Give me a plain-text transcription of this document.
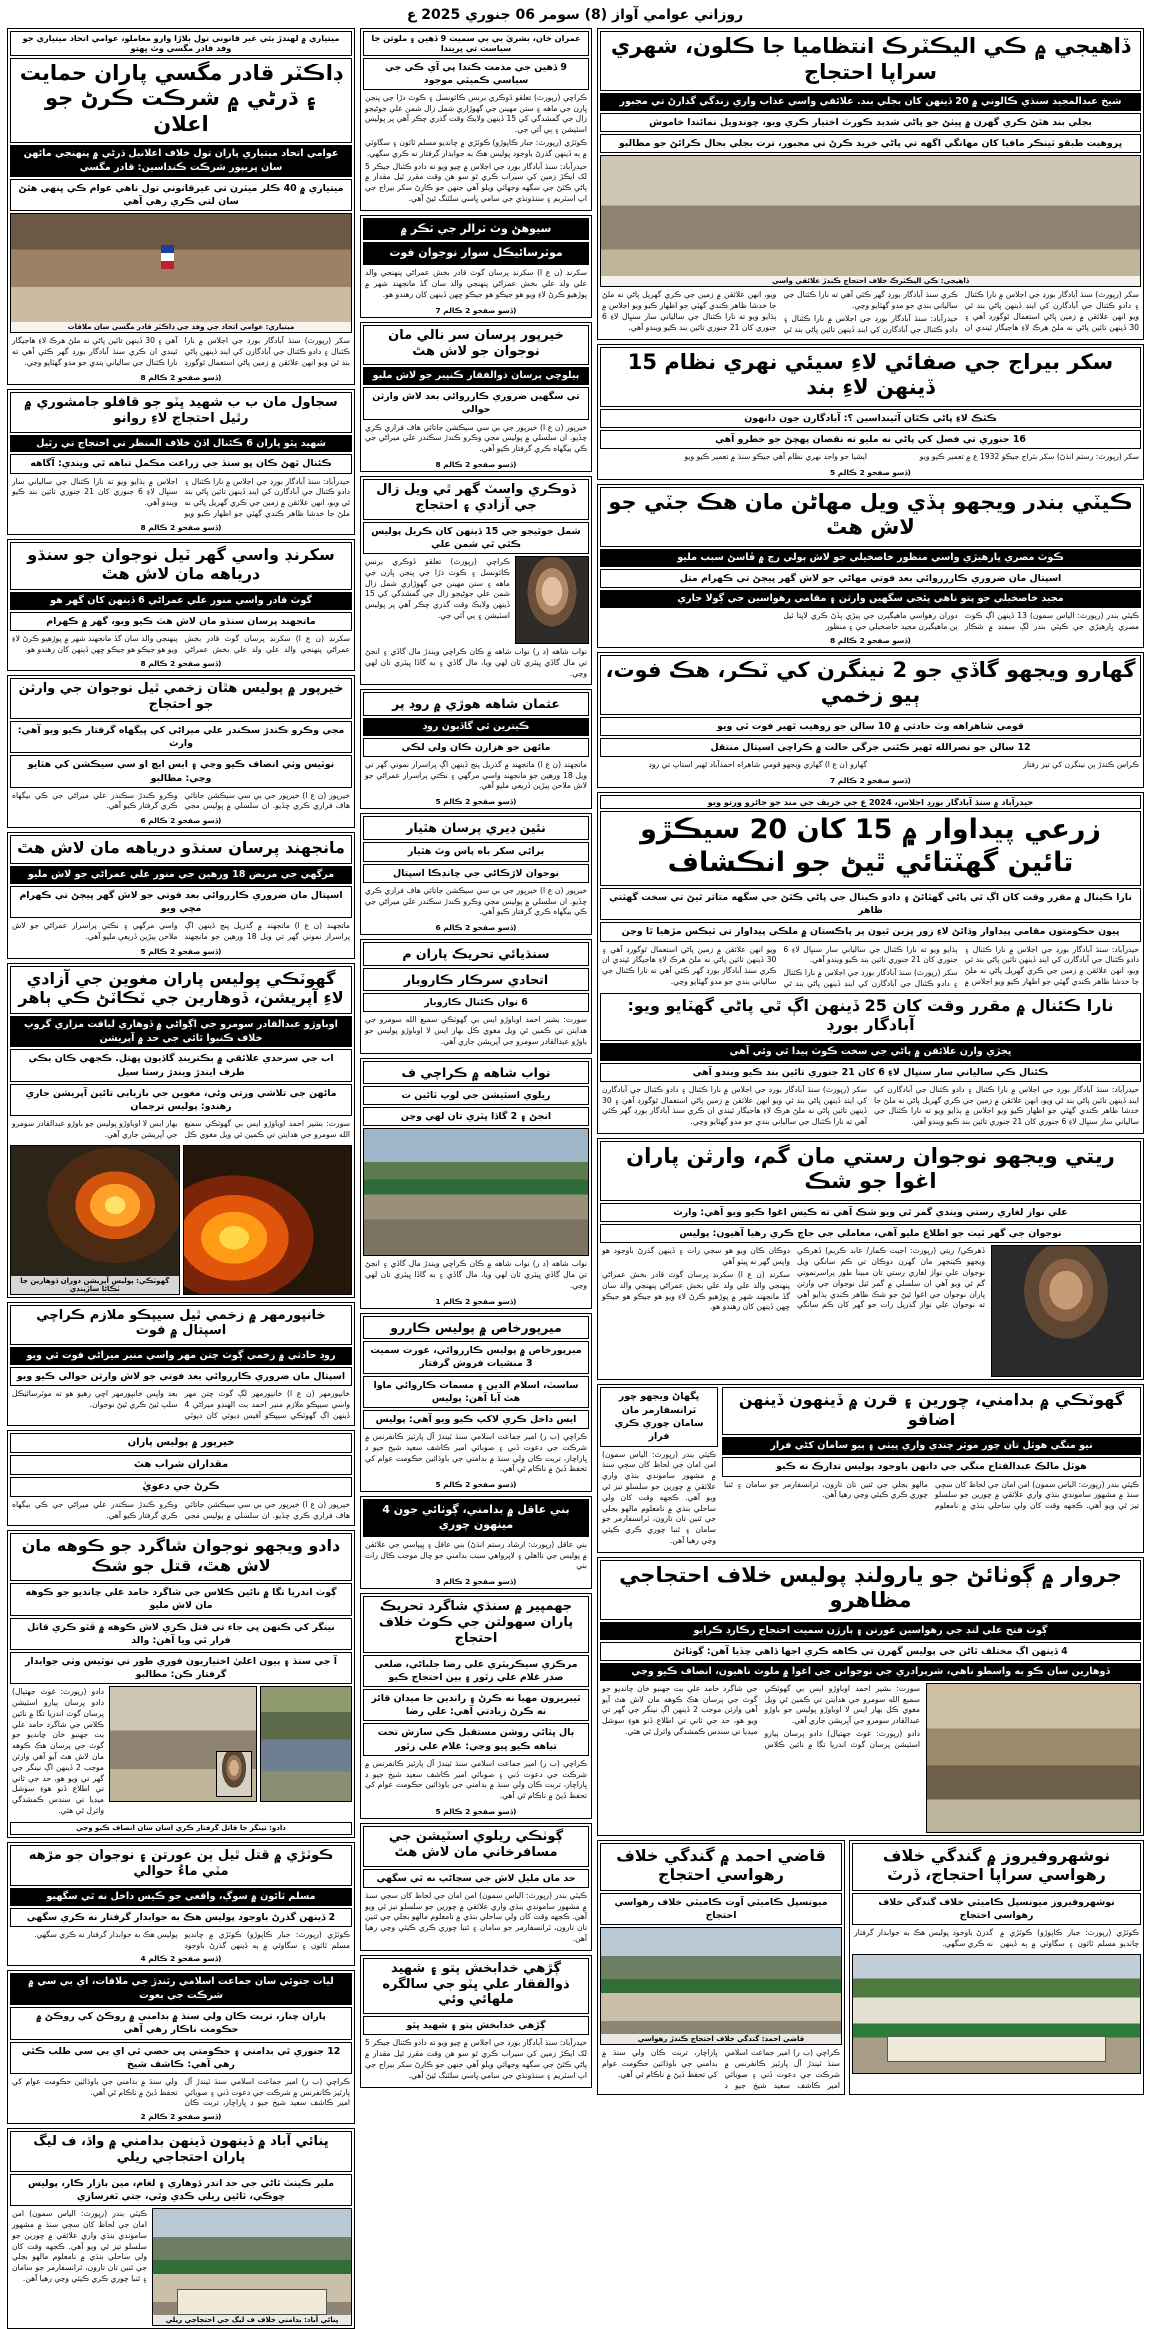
روزاني عوامي آواز (8) سومر 06 جنوري 2025 ع
ڏاهيجي ۾ ڪي اليڪٽرڪ انتظاميا جا ڪلون، شهري سراپا احتجاج
شيخ عبدالمجيد سنڌي ڪالوني ۾ 20 ڏينهن کان بجلي بند. علائقي واسي عذاب واري زندگي گذارڻ تي مجبور
بجلي بند هٿڻ ڪري گهرن ۾ ڀيٺڻ جو پاڻي شديد ڪورٽ اختيار ڪري ويو، چوندويل نمائندا خاموش
ڀروهيت طبقو ٽينڪر مافيا کان مهانگي اگهه تي پاڻي خريد ڪرڻ تي مجبور، ترت بجلي بحال ڪرائڻ جو مطالبو
ڏاهيجي: ڪي اليڪٽرڪ خلاف احتجاج ڪندڙ علائقي واسي

سکر (رپورٽ) سنڌ آبادگار بورڊ جي اجلاس ۾ نارا ڪئنال ۽ دادو ڪئنال جي آبادگارن کي اينڊ ڏينهن پاڻي بند ٿي ويو انهن علائقن ۾ زمين پاڻي استعمال ٿوگورڊ آهي ۽ 30 ڏينهن تائين پاڻي نه ملڻ هرڪ لاءِ هاجيگار ٿيندي ان ڪري سنڌ آبادگار بورڊ گهر ڪئي آهي ته نارا ڪئنال جي سالياني بندي جو مدو گهٽايو وڃي.

حيدرآباد: سنڌ آبادگار بورڊ جي اجلاس ۾ نارا ڪئنال ۽ دادو ڪئنال جي آبادگارن کي اينڊ ڏينهن تائين پاڻي بند ٿي ويو، انهن علائقن ۾ زمين جي ڪري گهريل پاڻي نه ملڻ جا خدشا ظاهر ڪندي گهٽي جو اظهار ڪيو ويو اجلاس ۾ ٻڌايو ويو ته نارا ڪئنال جي سالياني سار سنڀال لاءِ 6 جنوري کان 21 جنوري تائين بند ڪيو ويندو آهي.

سکر بيراج جي صفائي لاءِ سيئي نهري نظام 15 ڏينهن لاءِ بند
ڪٿڪ لاءِ پاڻي ڪٿان آٿينداسين ؟: آبادگارن جون دانهون
16 جنوري تي فصل کي پاڻي نه مليو ته نقصان پهچڻ جو خطرو آهي

سکر (رپورٽ: رستم انڌڻ) سکر بئراج جيڪو 1932 ع ۾ تعمير ڪيو ويو

ايشيا جو واحد نهري نظام آهي جيڪو سنڌ ۾ تعمير ڪيو ويو

(ڏسو صفحو 2 ڪالم 5
ڪيٽي بندر ويجهو ٻڏي ويل مهاڻن مان هڪ جٽي جو لاش هٿ
ڪوٽ مصري ڀارهيڙي واسي منظور خاصخيلي جو لاش ٻولي رچ ۾ ڦاسڻ سبب مليو
اسپتال مان ضروري ڪاررروائي بعد فوتي مهاڻي جو لاش گهر ڀيڄڻ تي ڪهرام متل
مجيد خاصخيلي جو پتو ناهي ڀئجي سگهيں وارثن ۽ مقامي رهواسين جي ڳولا جاري

ڪيٽي بندر (رپورٽ: الياس سمون) 13 ڏينهن اڳ ڪوٽ مصري ڀارهيڙي جي ڪيٽي بندر لڳ سمنڊ ۾ شڪار دوران رهواسي ماهيگيرن جي ٻيڙي ٻڏڻ ڪري لاپتا ٿيل ٻن ماهيگيرن مجيد خاصخيلي جي ۽ منظور

(ڏسو صفحو 2 ڪالم 8
گهارو ويجهو گاڏي جو 2 نينگرن کي ٽڪر، هڪ فوت، ٻيو زخمي
قومي شاهراهه وٽ حادثي ۾ 10 سالن جو زوهيب ٿهير فوت ٿي ويو
12 سالن جو نصرالله ٿهير ڪٿني جرگي حالت ۾ ڪراچي اسپتال منتقل

ڪراس ڪندڙ ٻن نينگرن کي تيز رفتار

گهارو (ن ع ا) گهاري ويجهو قومي شاهراه احمدآباد ٿهير استاپ تي روڊ

(ڏسو صفحو 2 ڪالم 7
حيدرآباد ۾ سنڌ آبادگار بورڊ اجلاس، 2024 ع جي خريف جي مند جو جائزو ورتو ويو
زرعي پيداوار ۾ 15 کان 20 سيڪڙو تائين گهٽتائي ٿيڻ جو انڪشاف
نارا ڪينال ۾ مقرر وقت کان اڳ ٿي پاڻي گهٽائڻ ۽ دادو ڪينال جي پاڻي ڪٿڻ جي سگهه متاثر ٿيڻ تي سخت گهٽتي ظاهر
ڀيون حڪومتون مقامي پيداوار وڌائڻ لاءِ زور ڀرين ٿيون پر پاڪستان ۾ ملڪي پيداوار تي ٽيڪس مڙهيا ٿا وڃن

حيدرآباد: سنڌ آبادگار بورڊ جي اجلاس ۾ نارا ڪئنال ۽ دادو ڪئنال جي آبادگارن کي اينڊ ڏينهن تائين پاڻي بند ٿي ويو، انهن علائقن ۾ زمين جي ڪري گهريل پاڻي نه ملڻ جا خدشا ظاهر ڪندي گهٽي جو اظهار ڪيو ويو اجلاس ۾ ٻڌايو ويو ته نارا ڪئنال جي سالياني سار سنڀال لاءِ 6 جنوري کان 21 جنوري تائين بند ڪيو ويندو آهي.

سکر (رپورٽ) سنڌ آبادگار بورڊ جي اجلاس ۾ نارا ڪئنال ۽ دادو ڪئنال جي آبادگارن کي اينڊ ڏينهن پاڻي بند ٿي ويو انهن علائقن ۾ زمين پاڻي استعمال ٿوگورڊ آهي ۽ 30 ڏينهن تائين پاڻي نه ملڻ هرڪ لاءِ هاجيگار ٿيندي ان ڪري سنڌ آبادگار بورڊ گهر ڪئي آهي ته نارا ڪئنال جي سالياني بندي جو مدو گهٽايو وڃي.

نارا ڪئنال ۾ مقرر وقت کان 25 ڏينهن اڳ ٿي پاڻي گهٽايو ويو: آبادگار بورڊ
ڀجڙي وارن علائقن ۾ پاڻي جي سخت ڪوٽ پيدا ٿي وئي آهي
ڪئنال ڪي سالياني سار سنڀال لاءِ 6 کان 21 جنوري تائين بند ڪيو ويندو آهي

حيدرآباد: سنڌ آبادگار بورڊ جي اجلاس ۾ نارا ڪئنال ۽ دادو ڪئنال جي آبادگارن کي اينڊ ڏينهن تائين پاڻي بند ٿي ويو، انهن علائقن ۾ زمين جي ڪري گهريل پاڻي نه ملڻ جا خدشا ظاهر ڪندي گهٽي جو اظهار ڪيو ويو اجلاس ۾ ٻڌايو ويو ته نارا ڪئنال جي سالياني سار سنڀال لاءِ 6 جنوري کان 21 جنوري تائين بند ڪيو ويندو آهي.

سکر (رپورٽ) سنڌ آبادگار بورڊ جي اجلاس ۾ نارا ڪئنال ۽ دادو ڪئنال جي آبادگارن کي اينڊ ڏينهن پاڻي بند ٿي ويو انهن علائقن ۾ زمين پاڻي استعمال ٿوگورڊ آهي ۽ 30 ڏينهن تائين پاڻي نه ملڻ هرڪ لاءِ هاجيگار ٿيندي ان ڪري سنڌ آبادگار بورڊ گهر ڪئي آهي ته نارا ڪئنال جي سالياني بندي جو مدو گهٽايو وڃي.

ريتي ويجهو نوجوان رستي مان گم، وارثن پاران اغوا جو شڪ
علي نواز لغاري رستي ويندي گمر ٿي ويو شڪ آهي ته ڪيس اغوا ڪيو ويو آهي: وارث
نوجوان جي گهر ٽيٺ جو اطلاع مليو آهي، معاملي جي جاچ ڪري رهيا آهيون: پوليس

ڏهرڪي/ ريتي (رپورٽ: اجيت ڪمار/ عابد ڪريم) ڏهرڪي ويجهو ڪينجهر مان گهرن دوڪان تي ڪم سانگي ويل نوجوان علي نواز لغاري رستي تان مبينا طور پراسرنموني گم ٿي ويو آهي ان سلسلي ۾ گمر ٿيل نوجوان جي وارثن پاران نوجوان جي اغوا ٿيڻ جو شڪ ظاهر ڪندي ٻڌايو آهي ته نوجوان علي نواز گذريل رات جو گهر کان ڪم سانگي دوڪان ڪان ويو هو سجي رات ۽ ڏينهن گذرڻ باوجود هو واپس گهر نه ڀيٺو آهي

سکرنڊ (ن ع ا) سکرنڊ پرسان گوٽ قادر بخش عمراڻي پنهنجي والد علي ولد علي بخش عمراڻي پنهنجي والد سان گڏ مانجهند شهر ۾ پوڙهيو ڪرڻ لاءِ ويو هو جيڪو هو جيڪو ڇهن ڏينهن کان رهندو هو.

گهوٽڪي ۾ بدامني، چورين ۽ قرن ۾ ڏينهون ڏينهن اضافو
نيو منگي هوٽل تان چور موٽر چندي واري ڀيٺي ۽ ٻيو سامان کڻي فرار
هوٽل مالڪ عبدالفتاح منگي جي دانهن باوجود پوليس تدارڪ نه ڪيو

ڪيٽي بندر (رپورٽ: الياس سمون) امن امان جي لحاظ کان سڄي سنڌ ۾ مشهور سامونڊي بنڌي واري علائقي ۾ چورين جو سلسلو تيز ٿي ويو آهي. ڪجهه وقت کان ولي ساحلي بنڌي ۾ نامعلوم مالهو بجلي جي ٿنين تان تارون، ٽرانسفارمر جو سامان ۽ ٿنبا چوري ڪري ڪيئي وڃي رهيا آهن.

ڀگهاڻ ويجهو چور ٽرانسفارمر مان سامان چوري ڪري فرار

ڪيٽي بندر (رپورٽ: الياس سمون) امن امان جي لحاظ کان سڄي سنڌ ۾ مشهور سامونڊي بنڌي واري علائقي ۾ چورين جو سلسلو تيز ٿي ويو آهي. ڪجهه وقت کان ولي ساحلي بنڌي ۾ نامعلوم مالهو بجلي جي ٿنين تان تارون، ٽرانسفارمر جو سامان ۽ ٿنبا چوري ڪري ڪيئي وڃي رهيا آهن.

جروار ۾ ڳوٺائڻ جو يارولنڊ پوليس خلاف احتجاجي مظاهرو
ڳوٺ فتح علي لنڊ جي رهواسين عورتن ۽ ٻارڙن سميت احتجاج رڪارڊ ڪرايو
4 ڏينهن اڳ مختلف ٿاڻن جي پوليس گهرن تي ڪاهه ڪري اجها ڏاهي چڏيا آهن: ڳوٺائڻ
ڏوهارين سان ڪو به واسطو ناهي، شرٻرادري جي نوجوانن جي اغوا ۾ ملوث ناهيون، انصاف ڪيو وڃي

سورت: بشير احمد اوباوڙو ايس بي گهوٽڪي سميع الله سومرو جي هدايتن تي ڪمين ٿي ويل مغوي ڪل بهار ايس لا اوباوڙو پوليس جو باوڙو عبدالقادر سومرو جي آپريشن جاري آهي.

دادو (رپورٽ: غوث جهتيال) دادو پرسان ٻيارو اسٽيشن پرسان گوٽ اندريا تگا ۾ نائين ڪلاس جي شاگرد حامد علي بت جهنبو خان چانديو جو گوٽ جي پرسان هڪ ڪوهه مان لاش هٿ آيو آهي وارثن موجب 2 ڏينهن اڳ نينگر جي گهر تي ويو هو، حد جي ثاني تي اطلاع ڏنو هوءِ سوشل ميڊيا تي سندس ڪمشدگي وائرل ٿي هئي.

نوشهروفيروز ۾ گندگي خلاف رهواسي سراپا احتجاج، ڏرٽ
نوشهروفيروز ميونسپل ڪاميٽي خلاف گندگي خلاف رهواسي احتجاج

ڪوٽڙي (رپورٽ: جبار ڪاپوڙو) ڪوٽڙي ۾ چانديو مسلم ٽائون ۽ سگاوٽي ۾ ٻه ڏينهن گذرڻ باوجود پوليس هڪ به جوابدار گرفتار نه ڪري سگهي.

قاضي احمد ۾ گندگي خلاف رهواسي احتجاج
ميونسپل ڪاميٽي آوت ڪاميٽي خلاف رهواسي احتجاج
قاضي احمد: گندگي خلاف احتجاج ڪندڙ رهواسي

ڪراچي (ب ر) امير جماعت اسلامي سنڌ ٽيندڙ آل پارٽيز ڪانفرنس ۾ شرڪت جي دعوت ڏني ۽ صوبائي امير ڪاشف سعيد شيخ جيو ڊ ڀاراچار، تربت ڪان ولي سنڌ ۾ بدامني جي باوڌائين حڪومت عوام کي تحفظ ڏيڻ ۾ ناڪام ٿي آهي.

عمران خان، بشريٰ بي بي سميت 9 ڏهين ۽ ملوثن جا سياست تي ڀريندا
9 ڏهين جي مذمت ڪندا پي آي ڪي جي سياسي ڪميٽي موجود

ڪراچي (رپورٽ) تعلقو ڏوڪري برنس ڪائونسل ۽ ڪوٽ دڙا جي پنجن ڀارن جي ماهه ۽ ستن مهينن جي گهوڙاري شمل زال شمن علي جوڻيجو زال جي گمشدگي کي 15 ڏينهن ولايڪ وقت گذري چڪر آهي پر پوليس اسٽيشن ۽ ٻي آئي جي.

ڪوٽڙي (رپورٽ: جبار ڪاپوڙو) ڪوٽڙي ۾ چانديو مسلم ٽائون ۽ سگاوٽي ۾ ٻه ڏينهن گذرڻ باوجود پوليس هڪ به جوابدار گرفتار نه ڪري سگهي.

حيدرآباد: سنڌ آبادگار بورڊ جي اجلاس ۾ چيو ويو ته دادو ڪئنال جيڪر 5 لک ايڪڙ زمين کي سيراب ڪري ٿو سو هن وقت مقرر ٿيل مقدار ۾ پاڻي ڪٿڻ جي سگهه وجھائي ويلو آهي جنهن جو ڪارڻ سکر بيراج جي اپ اسٽريم ۽ سنڌونڌي جي سامي ڀاسي سلٽنگ ٿيڻ آهي.

سيوهڻ وٽ ٽرالر جي ٽڪر ۾
موٽرسائيڪل سوار نوجوان فوت

سکرنڊ (ن ع ا) سکرنڊ پرسان گوٽ قادر بخش عمراڻي پنهنجي والد علي ولد علي بخش عمراڻي پنهنجي والد سان گڏ مانجهند شهر ۾ پوڙهيو ڪرڻ لاءِ ويو هو جيڪو هو جيڪو ڇهن ڏينهن کان رهندو هو.

(ڏسو صفحو 2 ڪالم 7
خيرپور پرسان سر نالي مان نوجوان جو لاش هٿ
ٻيلوڇي پرسان ذوالفقار ڪنڀير جو لاش مليو
تي سگهيں ضروري ڪارروائي بعد لاش وارثن حوالي

خيرپور (ن ع ا) خيرپور جي بي سي سيڪشن جاتائي هاف فراري ڪري چڏيو. ان سلسلي ۾ پوليس مجي وڪرو ڪندڙ سڪندر علي ميراڻي جي ڪي بيگهاه ڪري گرفتار ڪيو آهي.

(ڏسو صفحو 2 ڪالم 8
ڏوڪري واسٽ گهر ٿي ويل زال جي آزادي ۽ احتجاج
شمل جوٽيجو جي 15 ڏينهن کان ڪريل پوليس ڪٿي ٿي شمن علي

ڪراچي (رپورٽ) تعلقو ڏوڪري برنس ڪائونسل ۽ ڪوٽ دڙا جي پنجن ڀارن جي ماهه ۽ ستن مهينن جي گهوڙاري شمل زال شمن علي جوڻيجو زال جي گمشدگي کي 15 ڏينهن ولايڪ وقت گذري چڪر آهي پر پوليس اسٽيشن ۽ ٻي آئي جي.

نواب شاهه (د ر) نواب شاهه ۾ ڪان ڪراچي ويندڙ مال گاڏي ۽ انجڻ تي مال گاڏي ڀيٽري ٽان لهي ويا، مال گاڏي ۽ به گاڏا ڀيٽري تان لهي وڃي.

عثمان شاهه هوڙي ۾ روڊ پر
ڪيترين ٿي گاڏيون روڊ
مائهن جو هزارن ڪان ولي لڪي

ماتجهند (ن ع ا) ماتجهند ۾ گذريل پنج ڏينهن اڳ پراسرار نموني گهر تي ويل 18 ورهين جو مانجهند واسي مرگهي ۽ نڪتي پراسرار عمراڻي جو لاش ملاحن ٻيڙين ڏريعي مليو آهي.

(ڏسو صفحو 2 ڪالم 5
نئين ڊيري پرسان هٿيار
برائي سکر باه پاس وٽ هٿيار
نوجوان لاڙڪاڻي جي چانڊڪا اسپتال

خيرپور (ن ع ا) خيرپور جي بي سي سيڪشن جاتائي هاف فراري ڪري چڏيو. ان سلسلي ۾ پوليس مجي وڪرو ڪندڙ سڪندر علي ميراڻي جي ڪي بيگهاه ڪري گرفتار ڪيو آهي.

(ڏسو صفحو 2 ڪالم 6
سنڌيائي تحريڪ پاران م
اتحادي سرڪار ڪاروبار
6 نوان ڪئنال ڪاروبار

سورت: بشير احمد اوباوڙو ايس بي گهوٽڪي سميع الله سومرو جي هدايتن تي ڪمين ٿي ويل مغوي ڪل بهار ايس لا اوباوڙو پوليس جو باوڙو عبدالقادر سومرو جي آپريشن جاري آهي.

نواب شاهه ۾ ڪراچي ف
ريلوي اسٽيشن جي لوپ ٽائين ت
انجڻ ۽ 2 گاڏا ڀٽري تان لهي وڃن

نواب شاهه (د ر) نواب شاهه ۾ ڪان ڪراچي ويندڙ مال گاڏي ۽ انجڻ تي مال گاڏي ڀيٽري ٽان لهي ويا، مال گاڏي ۽ به گاڏا ڀيٽري تان لهي وڃي.

(ڏسو صفحو 2 ڪالم 1
ميرپورخاص ۾ پوليس ڪاررو
ميرپورخاص ۾ پوليس ڪارروائي، عورت سميت 3 منشيات فروش گرفتار
ساسٽ، اسلام الدين ۽ مسمات ڪاروائي ماوا هٿ آبا آهن: پوليس
ايس داخل ڪري لاکپ ڪيو ويو آهي: پوليس

ڪراچي (ب ر) امير جماعت اسلامي سنڌ ٽيندڙ آل پارٽيز ڪانفرنس ۾ شرڪت جي دعوت ڏني ۽ صوبائي امير ڪاشف سعيد شيخ جيو ڊ ڀاراچار، تربت ڪان ولي سنڌ ۾ بدامني جي باوڌائين حڪومت عوام کي تحفظ ڏيڻ ۾ ناڪام ٿي آهي.

(ڏسو صفحو 2 ڪالم 5
بني عاقل ۾ بدامني، ڳوٺائي جون 4 مينهون چوري

بني عاقل (رپورٽ: ارشاد رستم انڌڻ) بني عاقل ۽ ڀيپاسي جي علائقن ۾ پوليس جي نااهلي ۽ لاڀرواهي سبب بدامني جو چال موجب ڪال رات بني

(ڏسو صفحو 2 ڪالم 3
جهمپير ۾ سنڌي شاگرد تحريڪ پاران سهولتن جي ڪوٽ خلاف احتجاج
مرڪزي سيڪريٽري علي رضا جلباڻي، ضلعي صدر غلام علي زٿور ۽ ٻين احتجاج ڪيو
ٽيبريرون مهيا نه ڪرڻ ۽ راندين جا ميدان قائر نه ڪرڻ زيادتي آهي: علي رضا
ٻال ڀٽائي روشن مستقبل ڪي سازش تحت تباهه ڪيو ڀيو وڃي: غلام علي زٿور

ڪراچي (ب ر) امير جماعت اسلامي سنڌ ٽيندڙ آل پارٽيز ڪانفرنس ۾ شرڪت جي دعوت ڏني ۽ صوبائي امير ڪاشف سعيد شيخ جيو ڊ ڀاراچار، تربت ڪان ولي سنڌ ۾ بدامني جي باوڌائين حڪومت عوام کي تحفظ ڏيڻ ۾ ناڪام ٿي آهي.

(ڏسو صفحو 2 ڪالم 5
ڳوٺڪي ريلوي اسٽيشن جي مسافرخاني مان لاش هٿ
حد مان مليل لاش جي سڃاڻپ نه ٿي سگهي

ڪيٽي بندر (رپورٽ: الياس سمون) امن امان جي لحاظ کان سڄي سنڌ ۾ مشهور سامونڊي بنڌي واري علائقي ۾ چورين جو سلسلو تيز ٿي ويو آهي. ڪجهه وقت کان ولي ساحلي بنڌي ۾ نامعلوم مالهو بجلي جي ٿنين تان تارون، ٽرانسفارمر جو سامان ۽ ٿنبا چوري ڪري ڪيئي وڃي رهيا آهن.

ڳڙهي خدابخش پتو ۽ شهيد ذوالفقار علي ڀٽو جي سالگره ملهائي وئي
ڳڙهي خدابخش پتو ۽ شهيد ڀٽو

حيدرآباد: سنڌ آبادگار بورڊ جي اجلاس ۾ چيو ويو ته دادو ڪئنال جيڪر 5 لک ايڪڙ زمين کي سيراب ڪري ٿو سو هن وقت مقرر ٿيل مقدار ۾ پاڻي ڪٿڻ جي سگهه وجھائي ويلو آهي جنهن جو ڪارڻ سکر بيراج جي اپ اسٽريم ۽ سنڌونڌي جي سامي ڀاسي سلٽنگ ٿيڻ آهي.

ميتياري ۾ لهندڙ ٻٿي غير قانوني تول ٻلاڙا وارو معاملو، عوامي اتحاد ميتياري جو وفد قادر مگسي وٽ ڀهتو
ڊاڪٽر قادر مگسي پاران حمايت ۽ ڌرڻي ۾ شرڪت ڪرڻ جو اعلان
عوامي اتحاد ميتياري پاران تول خلاف اعلانيل ڌرڻي ۾ پنهنجي مائهن سان ڀريپور شرڪت ڪنداسين: قادر مگسي
ميتياري ۾ 40 ڪلر ميٽرن تي غيرقانوني تول ناهي عوام ڪي ڀنهي هٿڻ سان لتي ڪري رهي آهي
ميتياري: عوامي اتحاد جي وفد جي ڊاڪٽر قادر مگسي سان ملاقات

سکر (رپورٽ) سنڌ آبادگار بورڊ جي اجلاس ۾ نارا ڪئنال ۽ دادو ڪئنال جي آبادگارن کي اينڊ ڏينهن پاڻي بند ٿي ويو انهن علائقن ۾ زمين پاڻي استعمال ٿوگورڊ آهي ۽ 30 ڏينهن تائين پاڻي نه ملڻ هرڪ لاءِ هاجيگار ٿيندي ان ڪري سنڌ آبادگار بورڊ گهر ڪئي آهي ته نارا ڪئنال جي سالياني بندي جو مدو گهٽايو وڃي.

(ڏسو صفحو 2 ڪالم 8
سجاول مان ب ب شهيد ڀٽو جو قافلو جامشوري ۾ رٿيل احتجاج لاءِ روانو
شهيد ڀٽو ڀاران 6 ڪئنال اڏڻ خلاف المنظر تي احتجاج تي رٿيل
ڪئنال ٿهڻ ڪان ڀو سنڌ جي زراعت مڪمل تباهه ٿي ويندي: آگاهه

حيدرآباد: سنڌ آبادگار بورڊ جي اجلاس ۾ نارا ڪئنال ۽ دادو ڪئنال جي آبادگارن کي اينڊ ڏينهن تائين پاڻي بند ٿي ويو، انهن علائقن ۾ زمين جي ڪري گهريل پاڻي نه ملڻ جا خدشا ظاهر ڪندي گهٽي جو اظهار ڪيو ويو اجلاس ۾ ٻڌايو ويو ته نارا ڪئنال جي سالياني سار سنڀال لاءِ 6 جنوري کان 21 جنوري تائين بند ڪيو ويندو آهي.

(ڏسو صفحو 2 ڪالم 8
سکرنڊ واسي گهر ٽيل نوجوان جو سنڌو درياهه مان لاش هٿ
گوٽ قادر واسي منور علي عمراڻي 6 ڏينهن کان گهر هو
ماتجهند پرسان سنڌو مان لاش هٿ ڪيو ويو، گهر ۾ ڪهرام

سکرنڊ (ن ع ا) سکرنڊ پرسان گوٽ قادر بخش عمراڻي پنهنجي والد علي ولد علي بخش عمراڻي پنهنجي والد سان گڏ مانجهند شهر ۾ پوڙهيو ڪرڻ لاءِ ويو هو جيڪو هو جيڪو ڇهن ڏينهن کان رهندو هو.

(ڏسو صفحو 2 ڪالم 8
خيرپور ۾ پوليس هٿان زخمي ٿيل نوجوان جي وارثن جو احتجاج
مجي وڪرو ڪندڙ سڪندر علي ميراڻي کي ڀيگهاه گرفتار ڪيو ويو آهي: وارث
نوٽيس وٺي انصاف ڪيو وڃي ۽ ايس ايڇ او سي سيڪشن کي هٽايو وڃي: مطالبو

خيرپور (ن ع ا) خيرپور جي بي سي سيڪشن جاتائي هاف فراري ڪري چڏيو. ان سلسلي ۾ پوليس مجي وڪرو ڪندڙ سڪندر علي ميراڻي جي ڪي بيگهاه ڪري گرفتار ڪيو آهي.

(ڏسو صفحو 2 ڪالم 6
مانجهند پرسان سنڌو درياهه مان لاش هٿ
مرگهي جي مريض 18 ورهين جي منور علي عمراڻي جو لاش مليو
اسپتال مان ضروري ڪارروائي بعد فوتي جو لاش گهر ڀيڄڻ تي ڪهرام مچي ويو

ماتجهند (ن ع ا) ماتجهند ۾ گذريل پنج ڏينهن اڳ پراسرار نموني گهر تي ويل 18 ورهين جو مانجهند واسي مرگهي ۽ نڪتي پراسرار عمراڻي جو لاش ملاحن ٻيڙين ڏريعي مليو آهي.

(ڏسو صفحو 2 ڪالم 5
گهوٽڪي پوليس پاران مغوين جي آزادي لاءِ آپريشن، ڏوهارين جي ٽڪاٽڻ ڪي ٻاهر
اوباوڙو عبدالقادر سومرو جي اڳواڻي ۾ ڏوهاري لياقت مزاري گروپ خلاف ڪنيوا ٿائي جي حد ۾ آپريشن
اب جي سرحدي علائقي ۾ بڪترينڊ گاڏيون ڀهتل. ڪجهي ڪان بڪي طرف ايندڙ ويندڙ رستا سيل
مائهن جي تلاشي ورتي وئي، مغوين جي بازيابي تائين آپريشن جاري رهندو: پوليس ترجمان

سورت: بشير احمد اوباوڙو ايس بي گهوٽڪي سميع الله سومرو جي هدايتن تي ڪمين ٿي ويل مغوي ڪل بهار ايس لا اوباوڙو پوليس جو باوڙو عبدالقادر سومرو جي آپريشن جاري آهي.

گهوٽڪي: پوليس آپريشن دوران ڏوهارين جا ٽڪاڻا ساڙيندي
خانپورمهر ۾ زخمي ٿيل سيپڪو ملازم ڪراچي اسپتال ۾ فوت
روڊ حادثي ۾ زخمي ڳوٺ چتن مهر واسي منير ميراڻي فوت ٿي ويو
اسپتال مان ضروري ڪارروائي بعد فوتي جو لاش وارثن حوالي ڪيو ويو

خانپورمهر (ن ع ا) خانپورمهر لڳ گوٽ چتن مهر واسي سيپڪو ملازم منير احمد بت الهنڊو ميراڻي 4 ڏينهن اڳ گهوٽڪي سيپڪو آفيس ڊيوٽي کان ديوٽي بعد واپس خانپورمهر اچي رهيو هو ته موٽرسائيڪل سلپ ٿيڻ ڪري ٿيڻ نوجوان.

خيرپور ۾ پوليس پاران
مقداران شراب هٿ
ڪرڻ جي دعويٰ

خيرپور (ن ع ا) خيرپور جي بي سي سيڪشن جاتائي هاف فراري ڪري چڏيو. ان سلسلي ۾ پوليس مجي وڪرو ڪندڙ سڪندر علي ميراڻي جي ڪي بيگهاه ڪري گرفتار ڪيو آهي.

دادو ويجهو نوجوان شاگرد جو ڪوهه مان لاش هٿ، قتل جو شڪ
ڳوٺ اندريا تگا ۾ نائين ڪلاس جي شاگرد حامد علي چانديو جو ڪوهه مان لاش مليو
نينگر کي ڪنهن ڀي جاء تي قتل ڪري لاش ڪوهه ۾ ڦٽو ڪري قاتل فرار ٿي ويا آهن: والد
آ جي سنڌ ۽ ٻيون اعليٰ اختياريون فوري طور تي نوٽيس وٺي جوابدار گرفتار ڪن: مطالبو

دادو (رپورٽ: غوث جهتيال) دادو پرسان ٻيارو اسٽيشن پرسان گوٽ اندريا تگا ۾ نائين ڪلاس جي شاگرد حامد علي بت جهنبو خان چانديو جو گوٽ جي پرسان هڪ ڪوهه مان لاش هٿ آيو آهي وارثن موجب 2 ڏينهن اڳ نينگر جي گهر تي ويو هو، حد جي ثاني تي اطلاع ڏنو هوءِ سوشل ميڊيا تي سندس ڪمشدگي وائرل ٿي هئي.

دادو: نينگر جا قاتل گرفتار ڪري اسان سان انصاف ڪيو وڃي
ڪوٽڙي ۾ قتل ٿيل ٻن عورتن ۽ نوجوان جو مڙهه مٽي ماءُ حوالي
مسلم ٽائون ۾ سوڳ، واقعي جو ڪيس داخل نه ٿي سگهيو
2 ڏينهن گذرڻ باوجود پوليس هڪ به جوابدار گرفتار نه ڪري سگهي

ڪوٽڙي (رپورٽ: جبار ڪاپوڙو) ڪوٽڙي ۾ چانديو مسلم ٽائون ۽ سگاوٽي ۾ ٻه ڏينهن گذرڻ باوجود پوليس هڪ به جوابدار گرفتار نه ڪري سگهي.

(ڏسو صفحو 2 ڪالم 4
ليات جتوئي سان جماعت اسلامي رٿندڙ جي ملاقات، اي بي سي ۾ شرڪت جي ٻعوت
پاران چنار، تربت ڪان ولي سنڌ ۾ بدامني ۾ روڪڻ کي روڪڻ ۾ حڪومت ناڪار رهي آهي
12 جنوري ٿي بدامني ۽ حڪومتي ڀي حصي ٿي اي بي سي طلب ڪٿي رهي آهي: ڪاشف شيخ

ڪراچي (ب ر) امير جماعت اسلامي سنڌ ٽيندڙ آل پارٽيز ڪانفرنس ۾ شرڪت جي دعوت ڏني ۽ صوبائي امير ڪاشف سعيد شيخ جيو ڊ ڀاراچار، تربت ڪان ولي سنڌ ۾ بدامني جي باوڌائين حڪومت عوام کي تحفظ ڏيڻ ۾ ناڪام ٿي آهي.

(ڏسو صفحو 2 ڪالم 2
ڀنائي آباد ۾ ڏينهون ڏينهن بدامني ۾ واڌ، ف ليگ پاران احتجاجي ريلي
ملير ڪينٽ ٿاڻي جي حد اندر ڏوهاري ۽ لغام، مين بازار ڪار، پوليس چوڪي، ٽائين ريلي ڪڍي وٿي، جتي ٽغرسازي
ڀنائي آباد: بدامني خلاف ف ليگ جي احتجاجي ريلي

ڪيٽي بندر (رپورٽ: الياس سمون) امن امان جي لحاظ کان سڄي سنڌ ۾ مشهور سامونڊي بنڌي واري علائقي ۾ چورين جو سلسلو تيز ٿي ويو آهي. ڪجهه وقت کان ولي ساحلي بنڌي ۾ نامعلوم مالهو بجلي جي ٿنين تان تارون، ٽرانسفارمر جو سامان ۽ ٿنبا چوري ڪري ڪيئي وڃي رهيا آهن.
